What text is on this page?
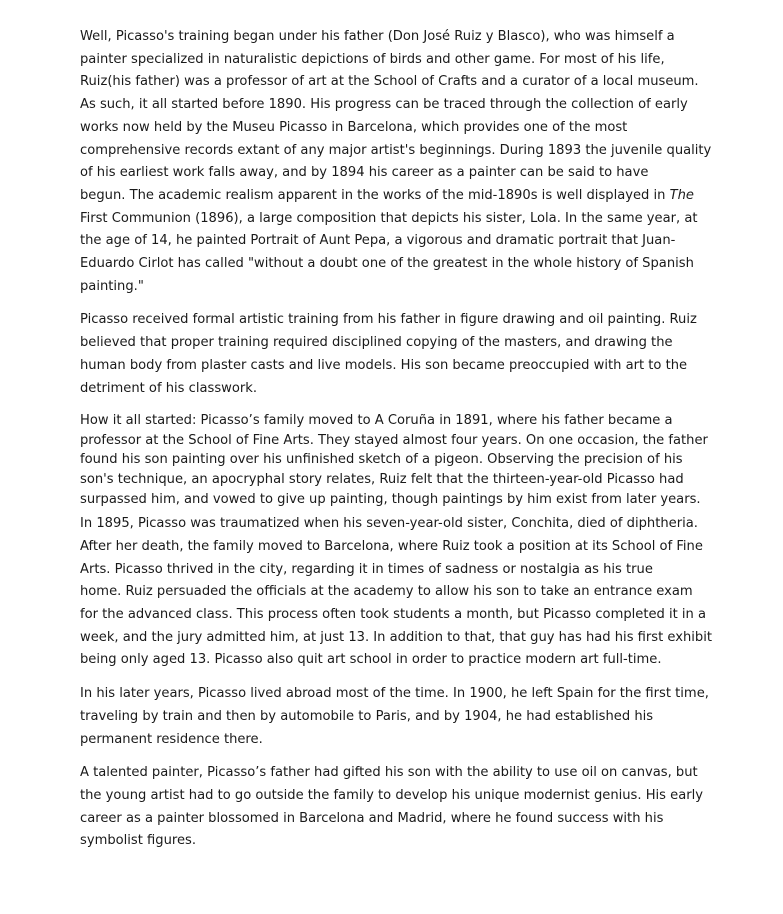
Well, Picasso's training began under his father (Don José Ruiz y Blasco), who was himself a
painter specialized in naturalistic depictions of birds and other game. For most of his life,
Ruiz(his father) was a professor of art at the School of Crafts and a curator of a local museum.
As such, it all started before 1890. His progress can be traced through the collection of early
works now held by the Museu Picasso in Barcelona, which provides one of the most
comprehensive records extant of any major artist's beginnings. During 1893 the juvenile quality
of his earliest work falls away, and by 1894 his career as a painter can be said to have
begun. The academic realism apparent in the works of the mid-1890s is well displayed in The
First Communion (1896), a large composition that depicts his sister, Lola. In the same year, at
the age of 14, he painted Portrait of Aunt Pepa, a vigorous and dramatic portrait that Juan-
Eduardo Cirlot has called "without a doubt one of the greatest in the whole history of Spanish
painting."

Picasso received formal artistic training from his father in figure drawing and oil painting. Ruiz
believed that proper training required disciplined copying of the masters, and drawing the
human body from plaster casts and live models. His son became preoccupied with art to the
detriment of his classwork.

How it all started: Picasso’s family moved to A Coruña in 1891, where his father became a
professor at the School of Fine Arts. They stayed almost four years. On one occasion, the father
found his son painting over his unfinished sketch of a pigeon. Observing the precision of his
son's technique, an apocryphal story relates, Ruiz felt that the thirteen-year-old Picasso had
surpassed him, and vowed to give up painting, though paintings by him exist from later years.

In 1895, Picasso was traumatized when his seven-year-old sister, Conchita, died of diphtheria.
After her death, the family moved to Barcelona, where Ruiz took a position at its School of Fine
Arts. Picasso thrived in the city, regarding it in times of sadness or nostalgia as his true
home. Ruiz persuaded the officials at the academy to allow his son to take an entrance exam
for the advanced class. This process often took students a month, but Picasso completed it in a
week, and the jury admitted him, at just 13. In addition to that, that guy has had his first exhibit
being only aged 13. Picasso also quit art school in order to practice modern art full-time.

In his later years, Picasso lived abroad most of the time. In 1900, he left Spain for the first time,
traveling by train and then by automobile to Paris, and by 1904, he had established his
permanent residence there.

A talented painter, Picasso’s father had gifted his son with the ability to use oil on canvas, but
the young artist had to go outside the family to develop his unique modernist genius. His early
career as a painter blossomed in Barcelona and Madrid, where he found success with his
symbolist figures.
